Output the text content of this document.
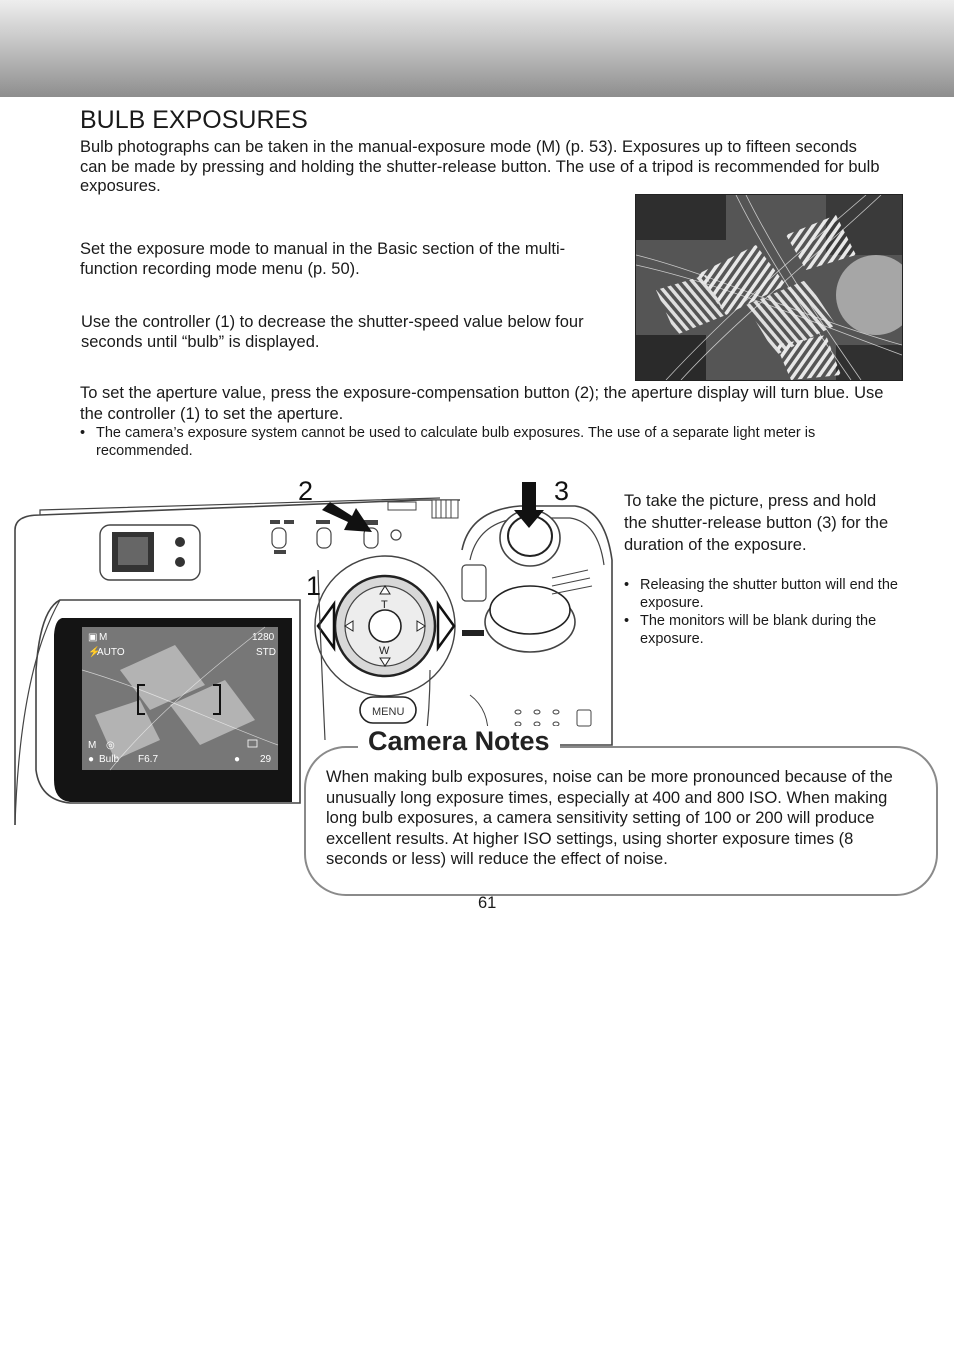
BULB EXPOSURES

Bulb photographs can be taken in the manual-exposure mode (M) (p. 53). Exposures up to fifteen seconds can be made by pressing and holding the shutter-release button. The use of a tripod is recommended for bulb exposures.

Set the exposure mode to manual in the Basic section of the multi-function recording mode menu (p. 50).

Use the controller (1) to decrease the shutter-speed value below four seconds until “bulb” is displayed.

To set the aperture value, press the exposure-compensation button (2); the aperture display will turn blue. Use the controller (1) to set the aperture.

• The camera’s exposure system cannot be used to calculate bulb exposures. The use of a separate light meter is recommended.
▣ M
⚡
AUTO
1280
STD
M ◎
● Bulb F6.7	● 29
T
W
MENU
2	3
1
To take the picture, press and hold the shutter-release button (3) for the duration of the exposure.
• Releasing the shutter button will end the exposure.
• The monitors will be blank during the exposure.
Camera Notes
When making bulb exposures, noise can be more pronounced because of the unusually long exposure times, especially at 400 and 800 ISO. When making long bulb exposures, a camera sensitivity setting of 100 or 200 will produce excellent results. At higher ISO settings, using shorter exposure times (8 seconds or less) will reduce the effect of noise.
61
